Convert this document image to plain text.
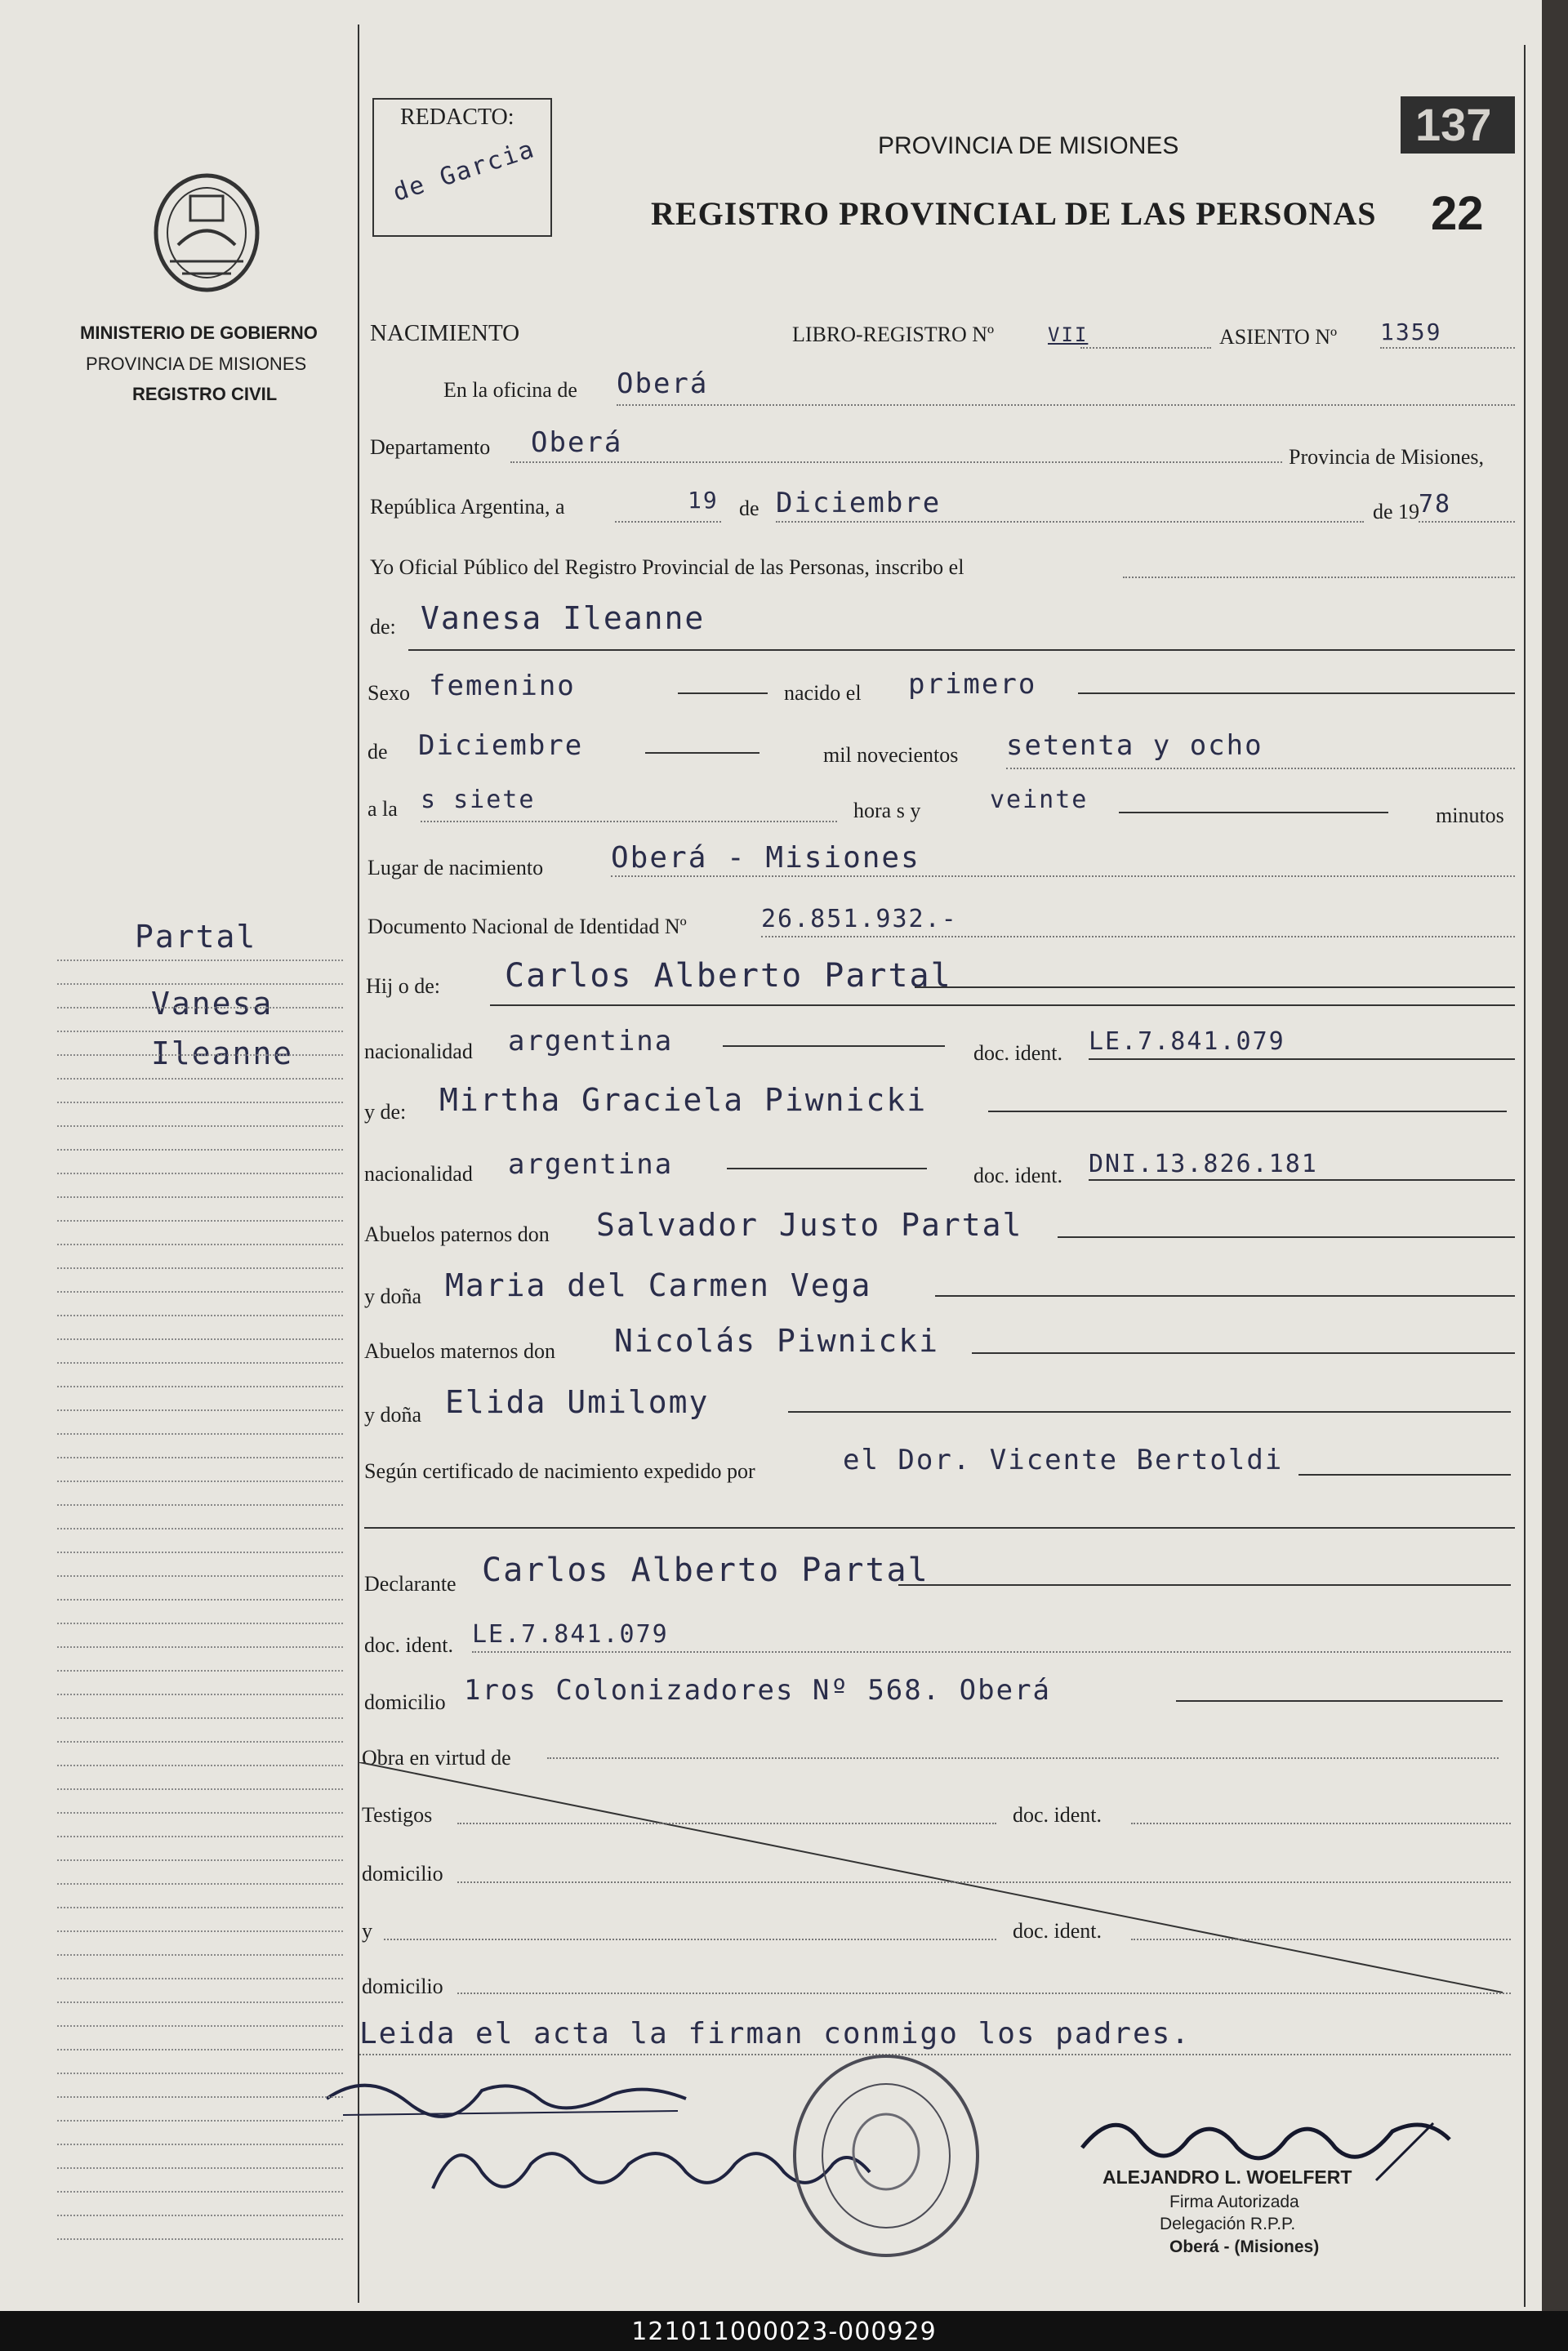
MINISTERIO DE GOBIERNO
PROVINCIA DE MISIONES
REGISTRO CIVIL
REDACTO:
de Garcia	PROVINCIA DE MISIONES
REGISTRO PROVINCIAL DE LAS PERSONAS 22
137
NACIMIENTO	LIBRO-REGISTRO Nº	VII	ASIENTO Nº 1359
En la oficina de Oberá
Departamento Oberá	Provincia de Misiones,
República Argentina, a	19 de Diciembre	de 19
78
Yo Oficial Público del Registro Provincial de las Personas, inscribo el
de: Vanesa Ileanne
Sexo femenino	nacido el primero
de Diciembre	mil novecientos setenta y ocho
a la s siete	hora s y	veinte
minutos
Lugar de nacimiento Oberá - Misiones
Documento Nacional de Identidad Nº	26.851.932.-
Partal
Vanesa
Ileanne
Hij o de: Carlos Alberto Partal
nacionalidad argentina	doc. ident. LE.7.841.079
y de: Mirtha Graciela Piwnicki
nacionalidad argentina	doc. ident. DNI.13.826.181
Abuelos paternos don Salvador Justo Partal
y doña Maria del Carmen Vega
Abuelos maternos don Nicolás Piwnicki
y doña Elida Umilomy
Según certificado de nacimiento expedido por	el Dor. Vicente Bertoldi
Declarante Carlos Alberto Partal
doc. ident. LE.7.841.079
domicilio 1ros Colonizadores Nº 568. Oberá
Obra en virtud de
Testigos	doc. ident.
domicilio
y	doc. ident.
domicilio
Leida el acta la firman conmigo los padres.
ALEJANDRO L. WOELFERT
Firma Autorizada
Delegación R.P.P.
Oberá - (Misiones)
121011000023-000929
